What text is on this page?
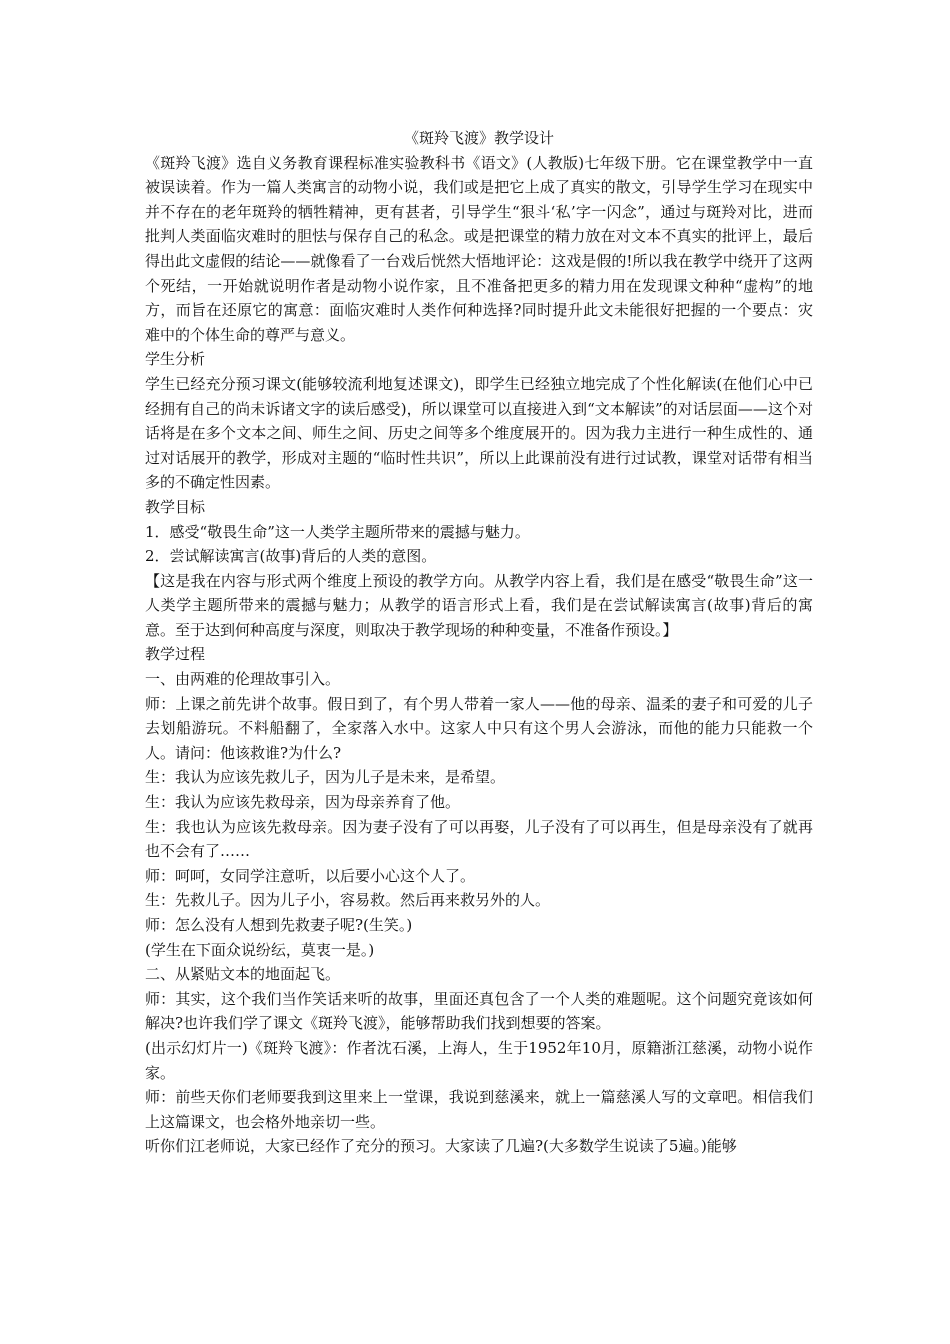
《斑羚飞渡》教学设计

《斑羚飞渡》选自义务教育课程标准实验教科书《语文》(人教版)七年级下册。它在课堂教学中一直被误读着。作为一篇人类寓言的动物小说，我们或是把它上成了真实的散文，引导学生学习在现实中并不存在的老年斑羚的牺牲精神，更有甚者，引导学生“狠斗‘私’字一闪念”，通过与斑羚对比，进而批判人类面临灾难时的胆怯与保存自己的私念。或是把课堂的精力放在对文本不真实的批评上，最后得出此文虚假的结论——就像看了一台戏后恍然大悟地评论：这戏是假的!所以我在教学中绕开了这两个死结，一开始就说明作者是动物小说作家，且不准备把更多的精力用在发现课文种种“虚构”的地方，而旨在还原它的寓意：面临灾难时人类作何种选择?同时提升此文未能很好把握的一个要点：灾难中的个体生命的尊严与意义。

学生分析

学生已经充分预习课文(能够较流利地复述课文)，即学生已经独立地完成了个性化解读(在他们心中已经拥有自己的尚未诉诸文字的读后感受)，所以课堂可以直接进入到“文本解读”的对话层面——这个对话将是在多个文本之间、师生之间、历史之间等多个维度展开的。因为我力主进行一种生成性的、通过对话展开的教学，形成对主题的“临时性共识”，所以上此课前没有进行过试教，课堂对话带有相当多的不确定性因素。

教学目标

1．感受“敬畏生命”这一人类学主题所带来的震撼与魅力。

2．尝试解读寓言(故事)背后的人类的意图。

【这是我在内容与形式两个维度上预设的教学方向。从教学内容上看，我们是在感受“敬畏生命”这一人类学主题所带来的震撼与魅力；从教学的语言形式上看，我们是在尝试解读寓言(故事)背后的寓意。至于达到何种高度与深度，则取决于教学现场的种种变量，不准备作预设。】

教学过程

一、由两难的伦理故事引入。

师：上课之前先讲个故事。假日到了，有个男人带着一家人——他的母亲、温柔的妻子和可爱的儿子去划船游玩。不料船翻了，全家落入水中。这家人中只有这个男人会游泳，而他的能力只能救一个人。请问：他该救谁?为什么?

生：我认为应该先救儿子，因为儿子是未来，是希望。

生：我认为应该先救母亲，因为母亲养育了他。

生：我也认为应该先救母亲。因为妻子没有了可以再娶，儿子没有了可以再生，但是母亲没有了就再也不会有了……

师：呵呵，女同学注意听，以后要小心这个人了。

生：先救儿子。因为儿子小，容易救。然后再来救另外的人。

师：怎么没有人想到先救妻子呢?(生笑。)

(学生在下面众说纷纭，莫衷一是。)

二、从紧贴文本的地面起飞。

师：其实，这个我们当作笑话来听的故事，里面还真包含了一个人类的难题呢。这个问题究竟该如何解决?也许我们学了课文《斑羚飞渡》，能够帮助我们找到想要的答案。

(出示幻灯片一)《斑羚飞渡》：作者沈石溪，上海人，生于1952年10月，原籍浙江慈溪，动物小说作家。

师：前些天你们老师要我到这里来上一堂课，我说到慈溪来，就上一篇慈溪人写的文章吧。相信我们上这篇课文，也会格外地亲切一些。

听你们江老师说，大家已经作了充分的预习。大家读了几遍?(大多数学生说读了5遍。)能够
